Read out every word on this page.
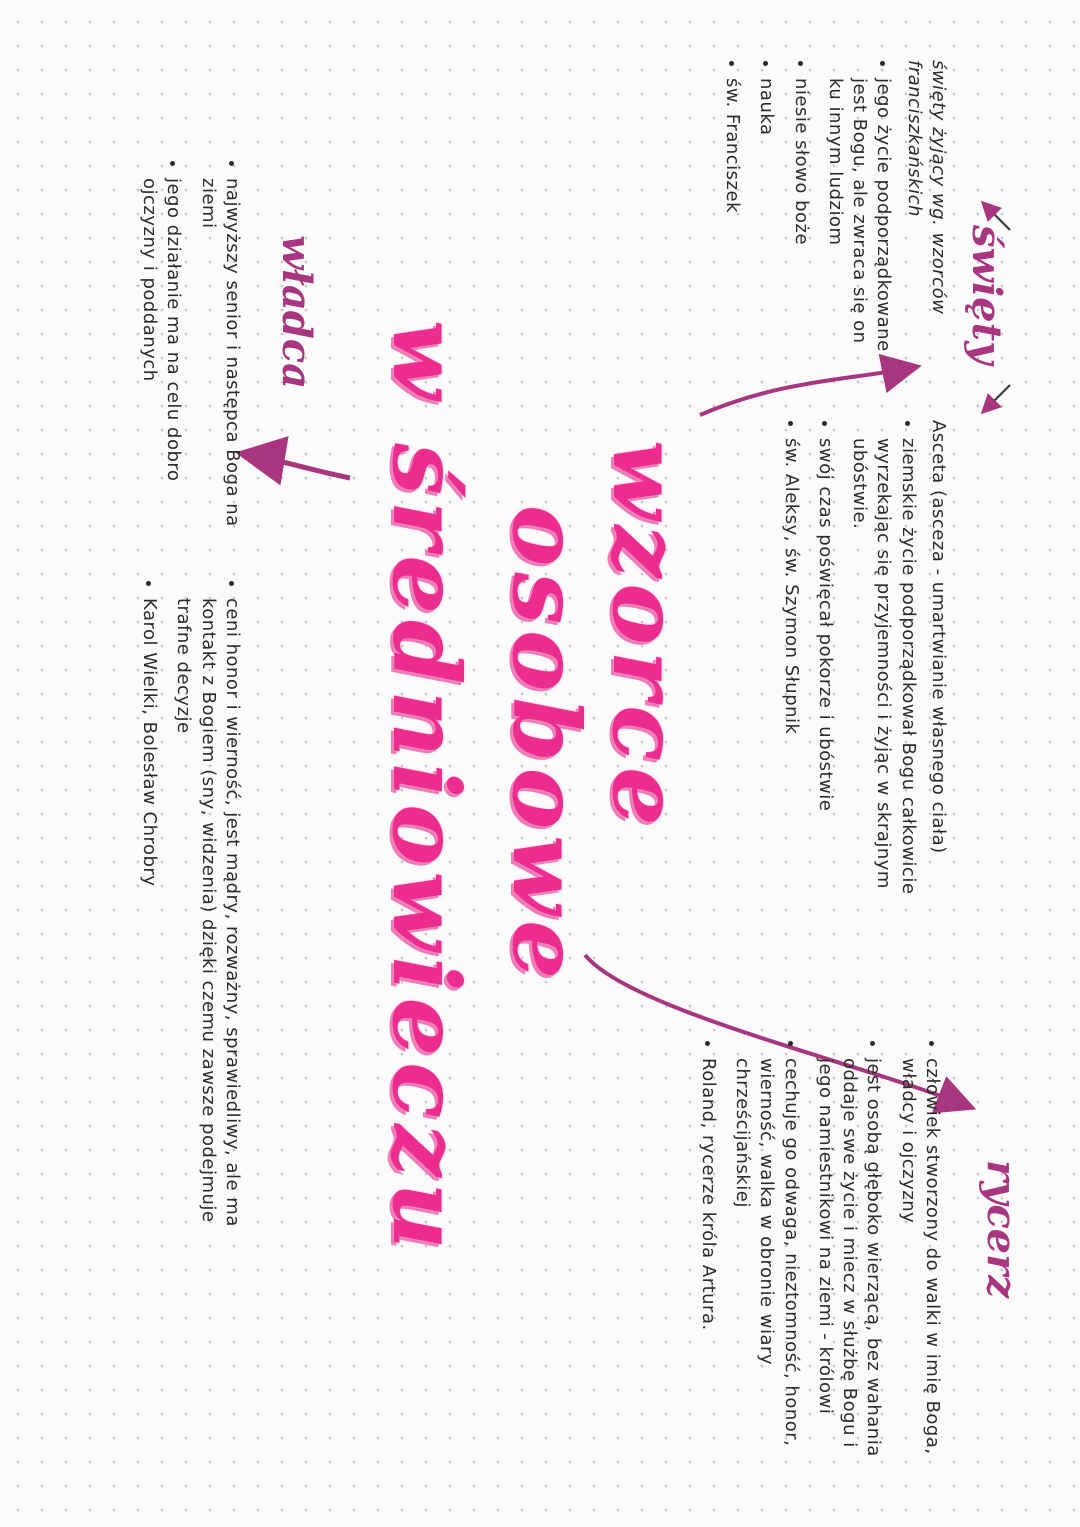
święty
święty żyjący wg. wzorców franciszkańskich
• jego życie podporządkowane jest Bogu, ale zwraca się on ku innym ludziom
• niesie słowo boże
• nauka
• św. Franciszek
Asceta (asceza - umartwianie własnego ciała)
• ziemskie życie podporządkował Bogu całkowicie wyrzekając się przyjemności i żyjąc w skrajnym ubóstwie.
• swój czas poświęcał pokorze i ubóstwie
• św. Aleksy, św. Szymon Słupnik
rycerz
• człowiek stworzony do walki w imię Boga, władcy i ojczyzny
• jest osobą głęboko wierzącą, bez wahania oddaje swe życie i miecz w służbę Bogu i jego namiestnikowi na ziemi - królowi
• cechuje go odwaga, nieztomność, honor, wierność, walka w obronie wiary chrześcijańskiej
• Roland, rycerze króla Artura.
wzorce
osobowe
w średniowieczu
władca
• najwyższy senior i następca Boga na ziemi
• jego działanie ma na celu dobro ojczyzny i poddanych
• ceni honor i wierność, jest mądry, rozważny, sprawiedliwy, ale ma kontakt z Bogiem (sny, widzenia) dzięki czemu zawsze podejmuje trafne decyzje
• Karol Wielki, Bolesław Chrobry
